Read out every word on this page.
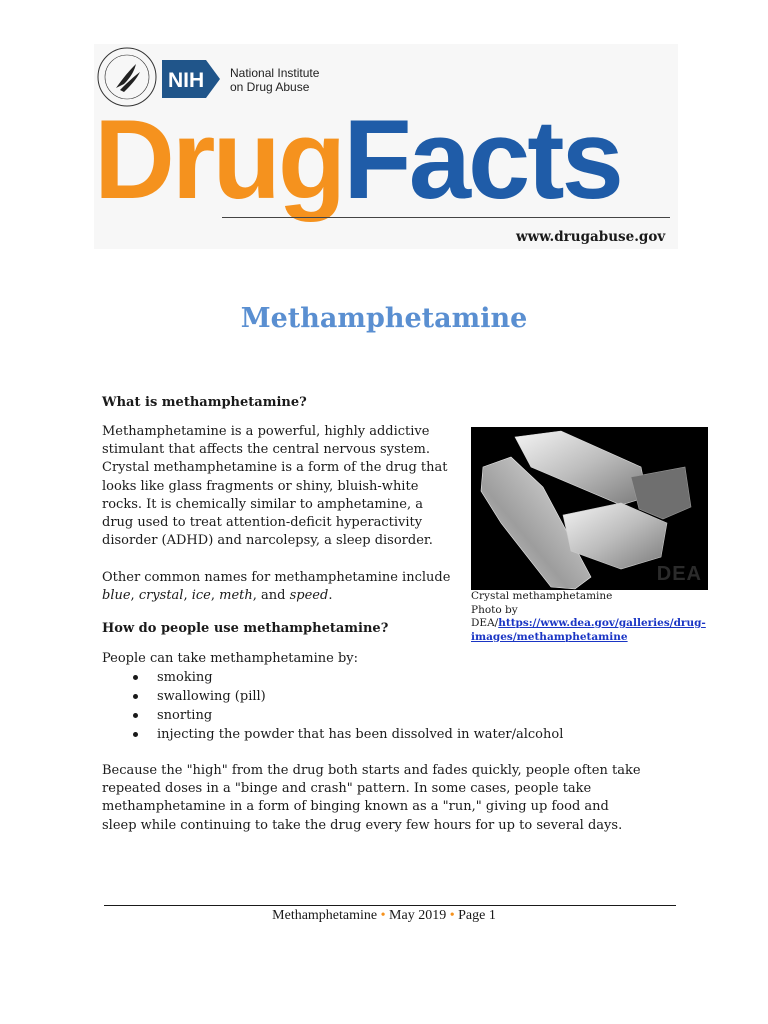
NIH National Institute
on Drug Abuse
DrugFacts
www.drugabuse.gov
Methamphetamine
What is methamphetamine?
Methamphetamine is a powerful, highly addictive stimulant that affects the central nervous system. Crystal methamphetamine is a form of the drug that looks like glass fragments or shiny, bluish-white rocks. It is chemically similar to amphetamine, a drug used to treat attention-deficit hyperactivity disorder (ADHD) and narcolepsy, a sleep disorder.
Other common names for methamphetamine include blue, crystal, ice, meth, and speed.
DEA
Crystal methamphetamine
Photo by
DEA/https://www.dea.gov/galleries/drug-images/methamphetamine
How do people use methamphetamine?
People can take methamphetamine by:
smoking
swallowing (pill)
snorting
injecting the powder that has been dissolved in water/alcohol
Because the "high" from the drug both starts and fades quickly, people often take repeated doses in a "binge and crash" pattern. In some cases, people take methamphetamine in a form of binging known as a "run," giving up food and sleep while continuing to take the drug every few hours for up to several days.
Methamphetamine • May 2019 • Page 1
